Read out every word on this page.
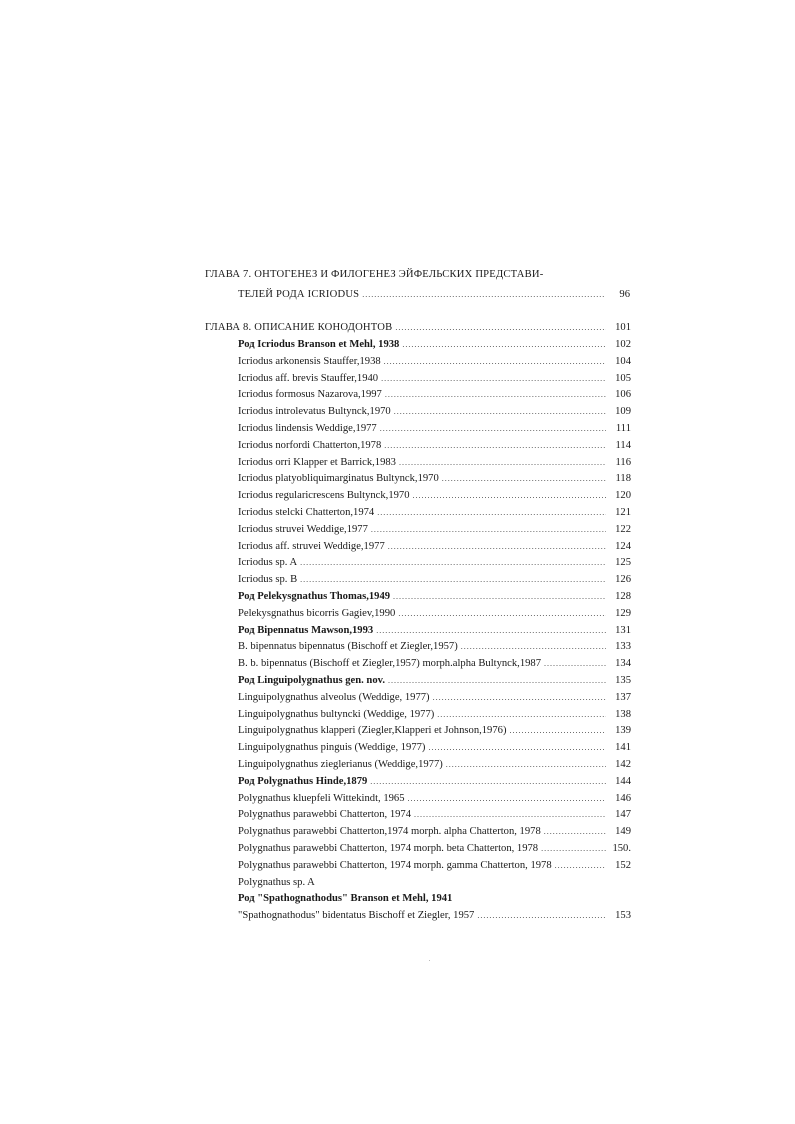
ГЛАВА 7. ОНТОГЕНЕЗ И ФИЛОГЕНЕЗ ЭЙФЕЛЬСКИХ ПРЕДСТАВИ-
ТЕЛЕЙ РОДА ICRIODUS .....	96
ГЛАВА 8. ОПИСАНИЕ КОНОДОНТОВ .....	101
Род Icriodus Branson et Mehl, 1938 .....	102
Icriodus arkonensis Stauffer,1938 .....	104
Icriodus aff. brevis Stauffer,1940 .....	105
Icriodus formosus Nazarova,1997 .....	106
Icriodus introlevatus Bultynck,1970 .....	109
Icriodus lindensis Weddige,1977 .....	111
Icriodus norfordi Chatterton,1978 .....	114
Icriodus orri Klapper et Barrick,1983 .....	116
Icriodus platyobliquimarginatus Bultynck,1970 .....	118
Icriodus regularicrescens Bultynck,1970 .....	120
Icriodus stelcki Chatterton,1974 .....	121
Icriodus struvei Weddige,1977 .....	122
Icriodus aff. struvei Weddige,1977 .....	124
Icriodus sp. A .....	125
Icriodus sp. B .....	126
Род Pelekysgnathus Thomas,1949 .....	128
Pelekysgnathus bicorris Gagiev,1990 .....	129
Род Bipennatus Mawson,1993 .....	131
B. bipennatus bipennatus (Bischoff et Ziegler,1957) .....	133
B. b. bipennatus (Bischoff et Ziegler,1957) morph.alpha Bultynck,1987 .....	134
Род Linguipolygnathus gen. nov. .....	135
Linguipolygnathus alveolus (Weddige, 1977) .....	137
Linguipolygnathus bultyncki (Weddige, 1977) .....	138
Linguipolygnathus klapperi (Ziegler,Klapperi et Johnson,1976) .....	139
Linguipolygnathus pinguis (Weddige, 1977) .....	141
Linguipolygnathus zieglerianus (Weddige,1977) .....	142
Род Polygnathus Hinde,1879 .....	144
Polygnathus kluepfeli Wittekindt, 1965 .....	146
Polygnathus parawebbi Chatterton, 1974 .....	147
Polygnathus parawebbi Chatterton,1974 morph. alpha Chatterton, 1978 .....	149
Polygnathus parawebbi Chatterton, 1974 morph. beta Chatterton, 1978 .....	150.
Polygnathus parawebbi Chatterton, 1974 morph. gamma Chatterton, 1978 .....	152
Polygnathus sp. A
Род "Spathognathodus" Branson et Mehl, 1941
"Spathognathodus" bidentatus Bischoff et Ziegler, 1957 .....	153
